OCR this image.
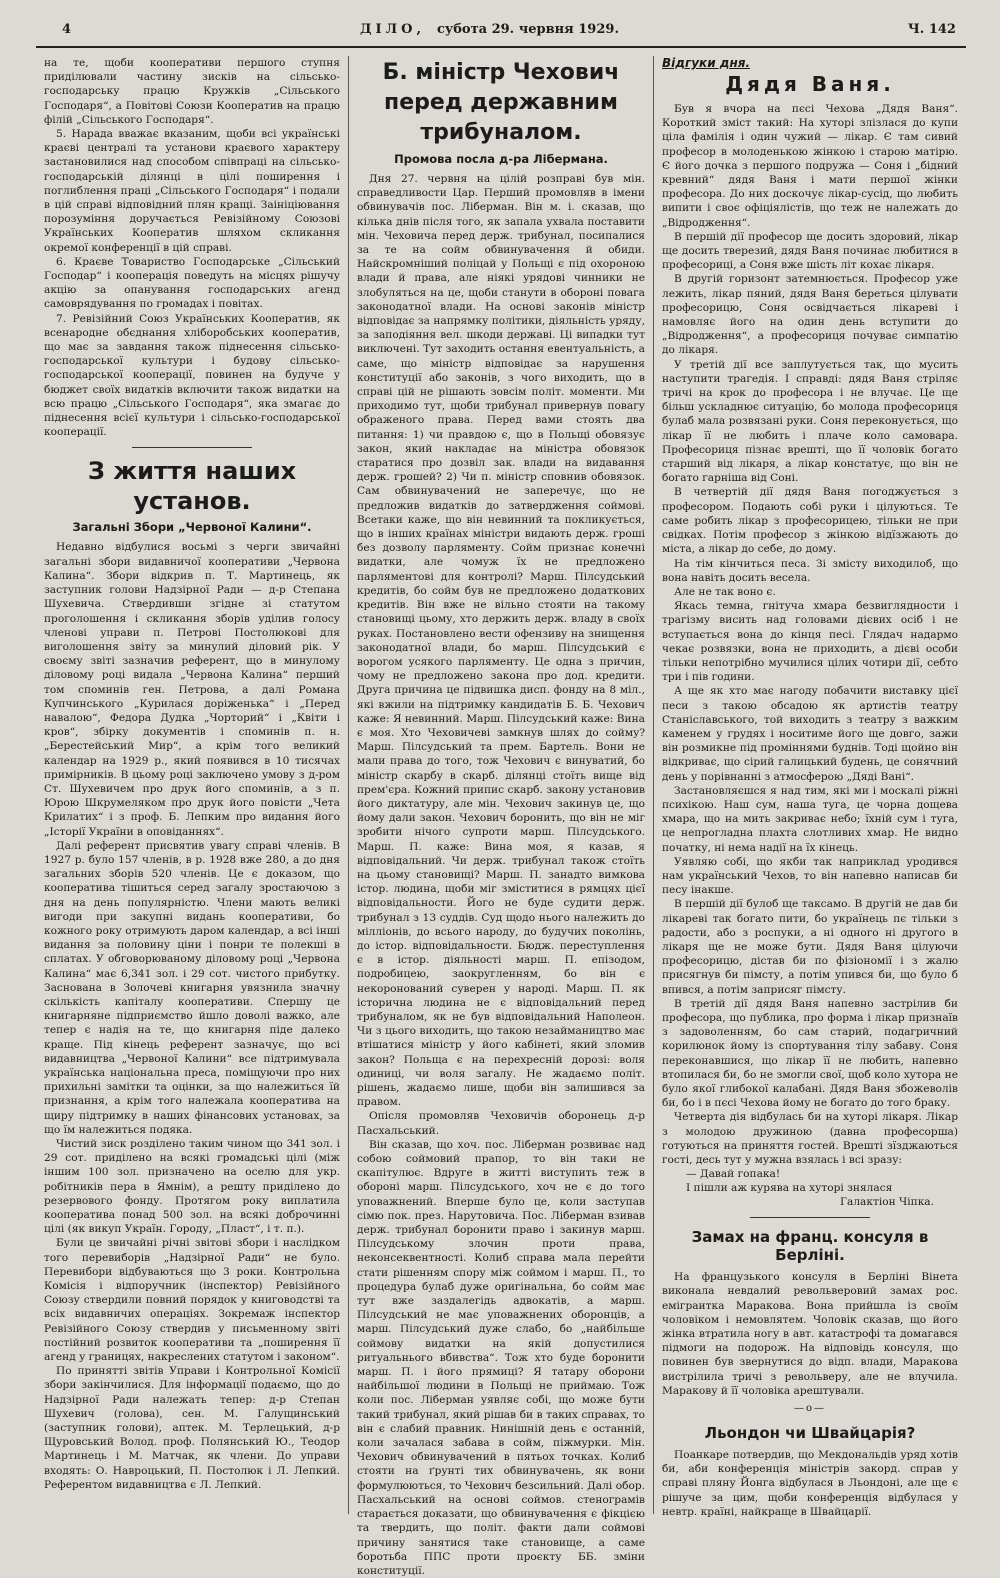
4	ДІЛО, субота 29. червня 1929.	Ч. 142

на те, щоби кооперативи першого ступня приділювали частину зисків на сільсько-господарську працю Кружків „Сільського Господаря“, а Повітові Союзи Кооператив на працю філій „Сільського Господаря“.

5. Нарада вважає вказаним, щоби всі українські краєві централі та установи краєвого характеру застановилися над способом співпраці на сільсько-господарській ділянці в цілі поширення і поглиблення праці „Сільського Господаря“ і подали в цій справі відповідний плян кращі. Заініціювання порозуміння доручається Ревізійному Союзові Українських Кооператив шляхом скликання окремої конференції в цій справі.

6. Краєве Товариство Господарське „Сільський Господар“ і кооперація поведуть на місцях рішучу акцію за опанування господарських агенд самоврядування по громадах і повітах.

7. Ревізійний Союз Українських Кооператив, як всенародне обєднання хліборобських кооператив, що має за завдання також піднесення сільсько-господарської культури і будову сільсько-господарської кооперації, повинен на будуче у бюджет своїх видатків включити також видатки на всю працю „Сільського Господаря“, яка змагає до піднесення всієї культури і сільсько-господарської кооперації.

З життя наших установ.
Загальні Збори „Червоної Калини“.

Недавно відбулися восьмі з черги звичайні загальні збори видавничої кооперативи „Червона Калина“. Збори відкрив п. Т. Мартинець, як заступник голови Надзірної Ради — д-р Степана Шухевича. Ствердивши згідне зі статутом проголошення і скликання зборів уділив голосу членові управи п. Петрові Постолюкові для виголошення звіту за минулий діловий рік. У своєму звіті зазначив референт, що в минулому діловому році видала „Червона Калина“ перший том споминів ген. Петрова, а далі Романа Купчинського „Курилася доріженька“ і „Перед навалою“, Федора Дудка „Чорторий“ і „Квіти і кров“, збірку документів і споминів п. н. „Берестейський Мир“, а крім того великий календар на 1929 р., який появився в 10 тисячах примірників. В цьому році заключено умову з д-ром Ст. Шухевичем про друк його споминів, а з п. Юрою Шкрумеляком про друк його повісти „Чета Крилатих“ і з проф. Б. Лепким про видання його „Історії України в оповіданнях“.

Далі референт присвятив увагу справі членів. В 1927 р. було 157 членів, в р. 1928 вже 280, а до дня загальних зборів 520 членів. Це є доказом, що кооператива тішиться серед загалу зростаючою з дня на день популярністю. Члени мають великі вигоди при закупні видань кооперативи, бо кожного року отримують даром календар, а всі інші видання за половину ціни і понри те полекші в сплатах. У обговорюваному діловому році „Червона Калина“ має 6,341 зол. і 29 сот. чистого прибутку. Заснована в Золочеві книгарня увязнила значну скількість капіталу кооперативи. Спершу це книгарняне підприємство йшло доволі важко, але тепер є надія на те, що книгарня піде далеко краще. Під кінець референт зазначує, що всі видавництва „Червоної Калини“ все підтримувала українська національна преса, поміщуючи про них прихильні замітки та оцінки, за що належиться їй признання, а крім того належала кооператива на щиру підтримку в наших фінансових установах, за що їм належиться подяка.

Чистий зиск розділено таким чином що 341 зол. і 29 сот. приділено на всякі громадські цілі (між іншим 100 зол. призначено на оселю для укр. робітників пера в Ямнім), а решту приділено до резервового фонду. Протягом року виплатила кооператива понад 500 зол. на всякі доброчинні цілі (як викуп Україн. Городу, „Пласт“, і т. п.).

Були це звичайні річні звітові збори і наслідком того перевиборів „Надзірної Ради“ не було. Перевибори відбуваються що 3 роки. Контрольна Комісія і відпоручник (інспектор) Ревізійного Союзу ствердили повний порядок у книговодстві та всіх видавничих операціях. Зокремаж інспектор Ревізійного Союзу ствердив у письменному звіті постійний розвиток кооперативи та „поширення її агенд у границях, накреслених статутом і законом“.

По принятті звітів Управи і Контрольної Комісії збори закінчилися. Для інформації подаємо, що до Надзірної Ради належать тепер: д-р Степан Шухевич (голова), сен. М. Галущинський (заступник голови), аптек. М. Терлецький, д-р Щуровський Волод. проф. Полянський Ю., Теодор Мартинець і М. Матчак, як члени. До управи входять: О. Навроцький, П. Постолюк і Л. Лепкий. Референтом видавництва є Л. Лепкий.

Б. міністр Чехович перед державним трибуналом.
Промова посла д-ра Лібермана.

Дня 27. червня на цілій розправі був мін. справедливости Цар. Перший промовляв в імени обвинувачів пос. Ліберман. Він м. і. сказав, що кілька днів після того, як запала ухвала поставити мін. Чеховича перед держ. трибунал, посипалися за те на сойм обвинувачення й обиди. Найскромніший поліцай у Польщі є під охороною влади й права, але ніякі урядові чинники не злобуляться на це, щоби станути в обороні повага законодатної влади. На основі законів міністр відповідає за напрямку політики, діяльність уряду, за заподіяння вел. шкоди державі. Ці випадки тут виключені. Тут заходить остання евентуальність, а саме, що міністр відповідає за нарушення конституції або законів, з чого виходить, що в справі цій не рішають зовсім політ. моменти. Ми приходимо тут, щоби трибунал привернув повагу ображеного права. Перед вами стоять два питання: 1) чи правдою є, що в Польщі обовязує закон, який накладає на міністра обовязок старатися про дозвіл зак. влади на видавання держ. грошей? 2) Чи п. міністр сповнив обовязок. Сам обвинувачений не заперечує, що не предложив видатків до затвердження соймові. Всетаки каже, що він невинний та покликується, що в інших країнах міністри видають держ. гроші без дозволу парляменту. Сойм признає конечні видатки, але чомуж їх не предложено парляментові для контролі? Марш. Пілсудський кредитів, бо сойм був не предложено додаткових кредитів. Він вже не вільно стояти на такому становищі цьому, хто держить держ. владу в своїх руках. Постановлено вести офензиву на знищення законодатної влади, бо марш. Пілсудський є ворогом усякого парляменту. Це одна з причин, чому не предложено закона про дод. кредити. Друга причина це підвишка дисп. фонду на 8 міл., які вжили на підтримку кандидатів Б. Б. Чехович каже: Я невинний. Марш. Пілсудський каже: Вина є моя. Хто Чеховичеві замкнув шлях до сойму? Марш. Пілсудський та прем. Бартель. Вони не мали права до того, тож Чехович є винуватий, бо міністр скарбу в скарб. ділянці стоїть вище від прем'єра. Кожний припис скарб. закону установив його диктатуру, але мін. Чехович закинув це, що йому дали закон. Чехович боронить, що він не міг зробити нічого супроти марш. Пілсудського. Марш. П. каже: Вина моя, я казав, я відповідальний. Чи держ. трибунал також стоїть на цьому становищі? Марш. П. занадто вимкова істор. людина, щоби міг зміститися в рямцях цієї відповідальности. Його не буде судити держ. трибунал з 13 суддів. Суд щодо нього належить до мілліонів, до всього народу, до будучих поколінь, до істор. відповідальности. Бюдж. переступлення є в істор. діяльності марш. П. епізодом, подробицею, заокругленням, бо він є некоронований суверен у народі. Марш. П. як історична людина не є відповідальний перед трибуналом, як не був відповідальний Наполеон. Чи з цього виходить, що такою незаймаництво має втішатися міністр у його кабінеті, який зломив закон? Польща є на перехресній дорозі: воля одиниці, чи воля загалу. Не жадаємо політ. рішень, жадаємо лише, щоби він залишився за правом.

Опісля промовляв Чеховичів оборонець д-р Пасхальський.

Він сказав, що хоч. пос. Ліберман розвиває над собою соймовий прапор, то він таки не скапітулює. Вдруге в житті виступить теж в обороні марш. Пілсудського, хоч не є до того уповажнений. Вперше було це, коли заступав сімю пок. през. Нарутовича. Пос. Ліберман взивав держ. трибунал боронити право і закинув марш. Пілсудському злочин проти права, неконсеквентності. Колиб справа мала перейти стати рішенням спору між соймом і марш. П., то процедура булаб дуже оригінальна, бо сойм має тут вже заздалегідь адвокатів, а марш. Пілсудський не має уповажнених оборонців, а марш. Пілсудський дуже слабо, бо „найбільше соймову видатки на якій допустилися ритуальнього вбивства“. Тож хто буде боронити марш. П. і його прямиці? Я татару оборони найбільшої людини в Польщі не приймаю. Тож коли пос. Ліберман уявляє собі, що може бути такий трибунал, який рішав би в таких справах, то він є слабий правник. Нинішній день є останній, коли зачалася забава в сойм, піжмурки. Мін. Чехович обвинувачений в пятьох точках. Колиб стояти на ґрунті тих обвинувачень, як вони формулюються, то Чехович безсильний. Далі обор. Пасхальський на основі соймов. стенограмів старається доказати, що обвинувачення є фікцією та твердить, що політ. факти дали соймові причину занятися таке становище, а саме боротьба ППС проти проєкту ББ. зміни конституції.

Відгуки дня.
Дядя Ваня.

Був я вчора на пєсі Чехова „Дядя Ваня“. Короткий зміст такий: На хуторі злізлася до купи ціла фамілія і один чужий — лікар. Є там сивий професор в молоденькою жінкою і старою матірю. Є його дочка з першого подружа — Соня і „бідний кревний“ дядя Ваня і мати першої жінки професора. До них доскочує лікар-сусід, що любить випити і своє офіціялістів, що теж не належать до „Відродження“.

В першій дії професор ще досить здоровий, лікар ще досить тверезий, дядя Ваня починає любитися в професориці, а Соня вже шість літ кохає лікаря.

В другій горизонт затемнюється. Професор уже лежить, лікар пяний, дядя Ваня береться цілувати професорицю, Соня освідчається лікареві і намовляє його на один день вступити до „Відродження“, а професориця почуває симпатію до лікаря.

У третій дії все заплутується так, що мусить наступити трагедія. І справді: дядя Ваня стріляє тричі на крок до професора і не влучає. Це ще більш ускладнює ситуацію, бо молода професориця булаб мала розвязані руки. Соня переконується, що лікар її не любить і плаче коло самовара. Професориця пізнає врешті, що її чоловік богато старший від лікаря, а лікар констатує, що він не богато гарніша від Соні.

В четвертій дії дядя Ваня погоджується з професором. Подають собі руки і цілуються. Те саме робить лікар з професорицею, тільки не при свідках. Потім професор з жінкою відїзжають до міста, а лікар до себе, до дому.

На тім кінчиться песа. Зі змісту виходилоб, що вона навіть досить весела.

Але не так воно є.

Якась темна, гнітуча хмара безвиглядности і трагізму висить над головами дієвих осіб і не вступається вона до кінця песі. Глядач надармо чекає розвязки, вона не приходить, а дієві особи тільки непотрібно мучилися цілих чотири дії, себто три і пів години.

А ще як хто має нагоду побачити виставку цієї песи з такою обсадою як артистів театру Станіславського, той виходить з театру з важким каменем у грудях і носитиме його ще довго, зажи він розмикне під проміннями буднів. Тоді щойно він відкриває, що сірий галицький будень, це сонячний день у порівнанні з атмосферою „Дяді Ванi“.

Застановляєшся я над тим, які ми і москалі ріжні психікою. Наш сум, наша туга, це чорна дощева хмара, що на мить закриває небо; їхній сум і туга, це непрогладна плахта слотливих хмар. Не видно початку, ні нема надії на їх кінець.

Уявляю собі, що якби так наприклад уродився нам український Чехов, то він напевно написав би песу інакше.

В першій дії булоб ще таксамо. В другій не дав би лікареві так богато пити, бо українець пє тільки з радости, або з роспуки, а ні одного ні другого в лікаря ще не може бути. Дядя Ваня цілуючи професорицю, дістав би по фізіономії і з жалю присягнув би пімсту, а потім упився би, що було б впився, а потім заприсяг пімсту.

В третій дії дядя Ваня напевно застрілив би професора, що публика, про форма і лікар признаїв з задоволенням, бо сам старий, подагричний корилюнок йому із спортування тілу забаву. Соня переконавшися, що лікар її не любить, напевно втопилася би, бо не змогли свої, щоб коло хутора не було якої глибокої калабані. Дядя Ваня збожеволів би, бо і в пєсі Чехова йому не богато до того браку.

Четверта дія відбулась би на хуторі лікаря. Лікар з молодою дружиною (давна професорша) готуються на приняття гостей. Врешті зїзджаються гості, десь тут у мужна взялась і всі зразу:

— Давай гопака!
І пішли аж курява на хуторі знялася
Галактіон Чіпка.
Замах на франц. консуля в Берліні.

На французького консуля в Берліні Вінета виконала невдалий револьверовий замах рос. еміграитка Маракова. Вона прийшла із своїм чоловіком і немовлятем. Чоловік сказав, що його жінка втратила ногу в авт. катастрофі та домагався підмоги на подорож. На відповідь консуля, що повинен був звернутися до відп. влади, Маракова вистрілила тричі з револьверу, але не влучила. Маракову й її чоловіка арештували.

—о—
Льондон чи Швайцарія?

Поанкаре потвердив, що Мекдональдів уряд хотів би, аби конференція міністрів закорд. справ у справі пляну Йонга відбулася в Льондоні, але ще є рішуче за цим, щоби конференція відбулася у невтр. країні, найкраще в Швайцарії.
